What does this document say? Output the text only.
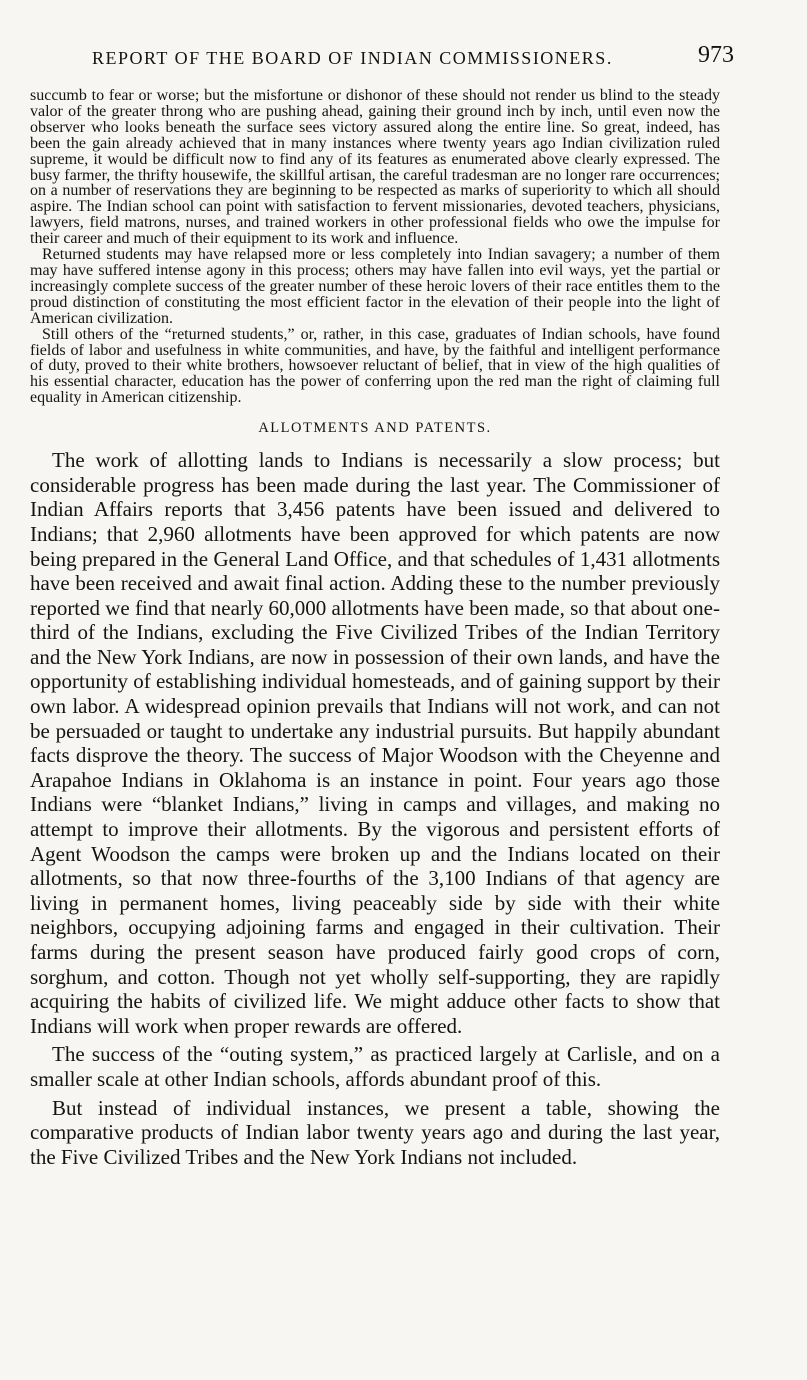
REPORT OF THE BOARD OF INDIAN COMMISSIONERS.	973

succumb to fear or worse; but the misfortune or dishonor of these should not render us blind to the steady valor of the greater throng who are pushing ahead, gaining their ground inch by inch, until even now the observer who looks beneath the surface sees victory assured along the entire line. So great, indeed, has been the gain already achieved that in many instances where twenty years ago Indian civilization ruled supreme, it would be difficult now to find any of its features as enumerated above clearly expressed. The busy farmer, the thrifty housewife, the skillful artisan, the careful tradesman are no longer rare occurrences; on a number of reservations they are beginning to be respected as marks of superiority to which all should aspire. The Indian school can point with satisfaction to fervent missionaries, devoted teachers, physicians, lawyers, field matrons, nurses, and trained workers in other professional fields who owe the impulse for their career and much of their equipment to its work and influence.

Returned students may have relapsed more or less completely into Indian savagery; a number of them may have suffered intense agony in this process; others may have fallen into evil ways, yet the partial or increasingly complete success of the greater number of these heroic lovers of their race entitles them to the proud distinction of constituting the most efficient factor in the elevation of their people into the light of American civilization.

Still others of the “returned students,” or, rather, in this case, graduates of Indian schools, have found fields of labor and usefulness in white communities, and have, by the faithful and intelligent performance of duty, proved to their white brothers, howsoever reluctant of belief, that in view of the high qualities of his essential character, education has the power of conferring upon the red man the right of claiming full equality in American citizenship.

ALLOTMENTS AND PATENTS.

The work of allotting lands to Indians is necessarily a slow process; but considerable progress has been made during the last year. The Commissioner of Indian Affairs reports that 3,456 patents have been issued and delivered to Indians; that 2,960 allotments have been approved for which patents are now being prepared in the General Land Office, and that schedules of 1,431 allotments have been received and await final action. Adding these to the number previously reported we find that nearly 60,000 allotments have been made, so that about one-third of the Indians, excluding the Five Civilized Tribes of the Indian Territory and the New York Indians, are now in possession of their own lands, and have the opportunity of establishing individual homesteads, and of gaining support by their own labor. A widespread opinion prevails that Indians will not work, and can not be persuaded or taught to undertake any industrial pursuits. But happily abundant facts disprove the theory. The success of Major Woodson with the Cheyenne and Arapahoe Indians in Oklahoma is an instance in point. Four years ago those Indians were “blanket Indians,” living in camps and villages, and making no attempt to improve their allotments. By the vigorous and persistent efforts of Agent Woodson the camps were broken up and the Indians located on their allotments, so that now three-fourths of the 3,100 Indians of that agency are living in permanent homes, living peaceably side by side with their white neighbors, occupying adjoining farms and engaged in their cultivation. Their farms during the present season have produced fairly good crops of corn, sorghum, and cotton. Though not yet wholly self-supporting, they are rapidly acquiring the habits of civilized life. We might adduce other facts to show that Indians will work when proper rewards are offered.

The success of the “outing system,” as practiced largely at Carlisle, and on a smaller scale at other Indian schools, affords abundant proof of this.

But instead of individual instances, we present a table, showing the comparative products of Indian labor twenty years ago and during the last year, the Five Civilized Tribes and the New York Indians not included.
